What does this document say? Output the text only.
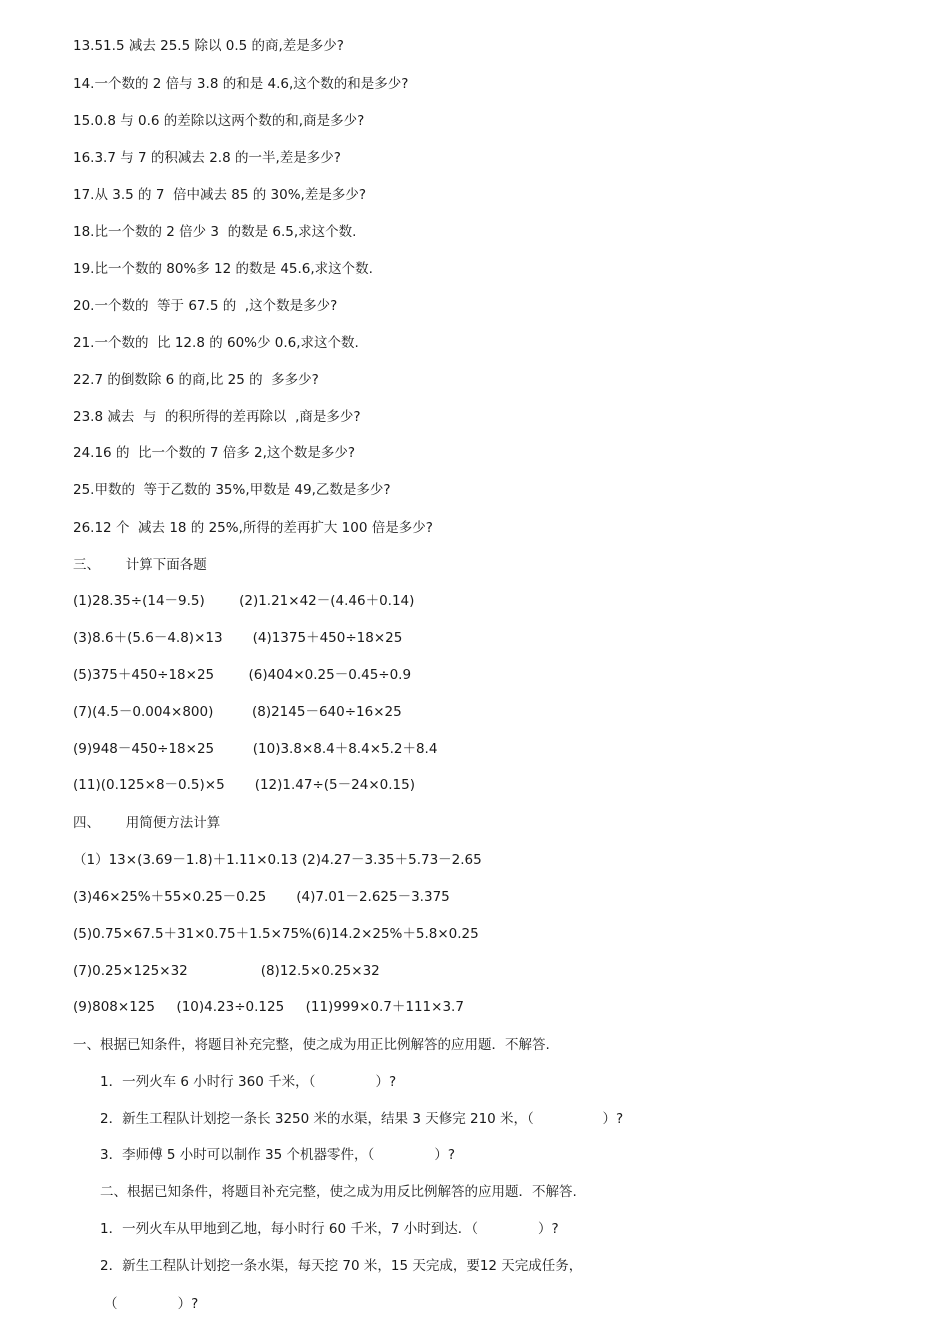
13.51.5 减去 25.5 除以 0.5 的商,差是多少?
14.一个数的 2 倍与 3.8 的和是 4.6,这个数的和是多少?
15.0.8 与 0.6 的差除以这两个数的和,商是多少?
16.3.7 与 7 的积减去 2.8 的一半,差是多少?
17.从 3.5 的 7  倍中减去 85 的 30%,差是多少?
18.比一个数的 2 倍少 3  的数是 6.5,求这个数.
19.比一个数的 80%多 12 的数是 45.6,求这个数.
20.一个数的  等于 67.5 的  ,这个数是多少?
21.一个数的  比 12.8 的 60%少 0.6,求这个数.
22.7 的倒数除 6 的商,比 25 的  多多少?
23.8 减去  与  的积所得的差再除以  ,商是多少?
24.16 的  比一个数的 7 倍多 2,这个数是多少?
25.甲数的  等于乙数的 35%,甲数是 49,乙数是多少?
26.12 个  减去 18 的 25%,所得的差再扩大 100 倍是多少?
三、      计算下面各题
(1)28.35÷(14－9.5)        (2)1.21×42－(4.46＋0.14)
(3)8.6＋(5.6－4.8)×13       (4)1375＋450÷18×25
(5)375＋450÷18×25        (6)404×0.25－0.45÷0.9
(7)(4.5－0.004×800)         (8)2145－640÷16×25
(9)948－450÷18×25         (10)3.8×8.4＋8.4×5.2＋8.4
(11)(0.125×8－0.5)×5       (12)1.47÷(5－24×0.15)
四、      用简便方法计算
（1）13×(3.69－1.8)＋1.11×0.13 (2)4.27－3.35＋5.73－2.65
(3)46×25%＋55×0.25－0.25       (4)7.01－2.625－3.375
(5)0.75×67.5＋31×0.75＋1.5×75%(6)14.2×25%＋5.8×0.25
(7)0.25×125×32                 (8)12.5×0.25×32
(9)808×125     (10)4.23÷0.125     (11)999×0.7＋111×3.7
一、根据已知条件，将题目补充完整，使之成为用正比例解答的应用题．不解答.
1．一列火车 6 小时行 360 千米，（              ）?
2．新生工程队计划挖一条长 3250 米的水渠，结果 3 天修完 210 米，（                ）?
3．李师傅 5 小时可以制作 35 个机器零件，（              ）?
二、根据已知条件，将题目补充完整，使之成为用反比例解答的应用题．不解答.
1．一列火车从甲地到乙地，每小时行 60 千米，7 小时到达．（              ）?
2．新生工程队计划挖一条水渠，每天挖 70 米，15 天完成，要12 天完成任务，
（              ）?
